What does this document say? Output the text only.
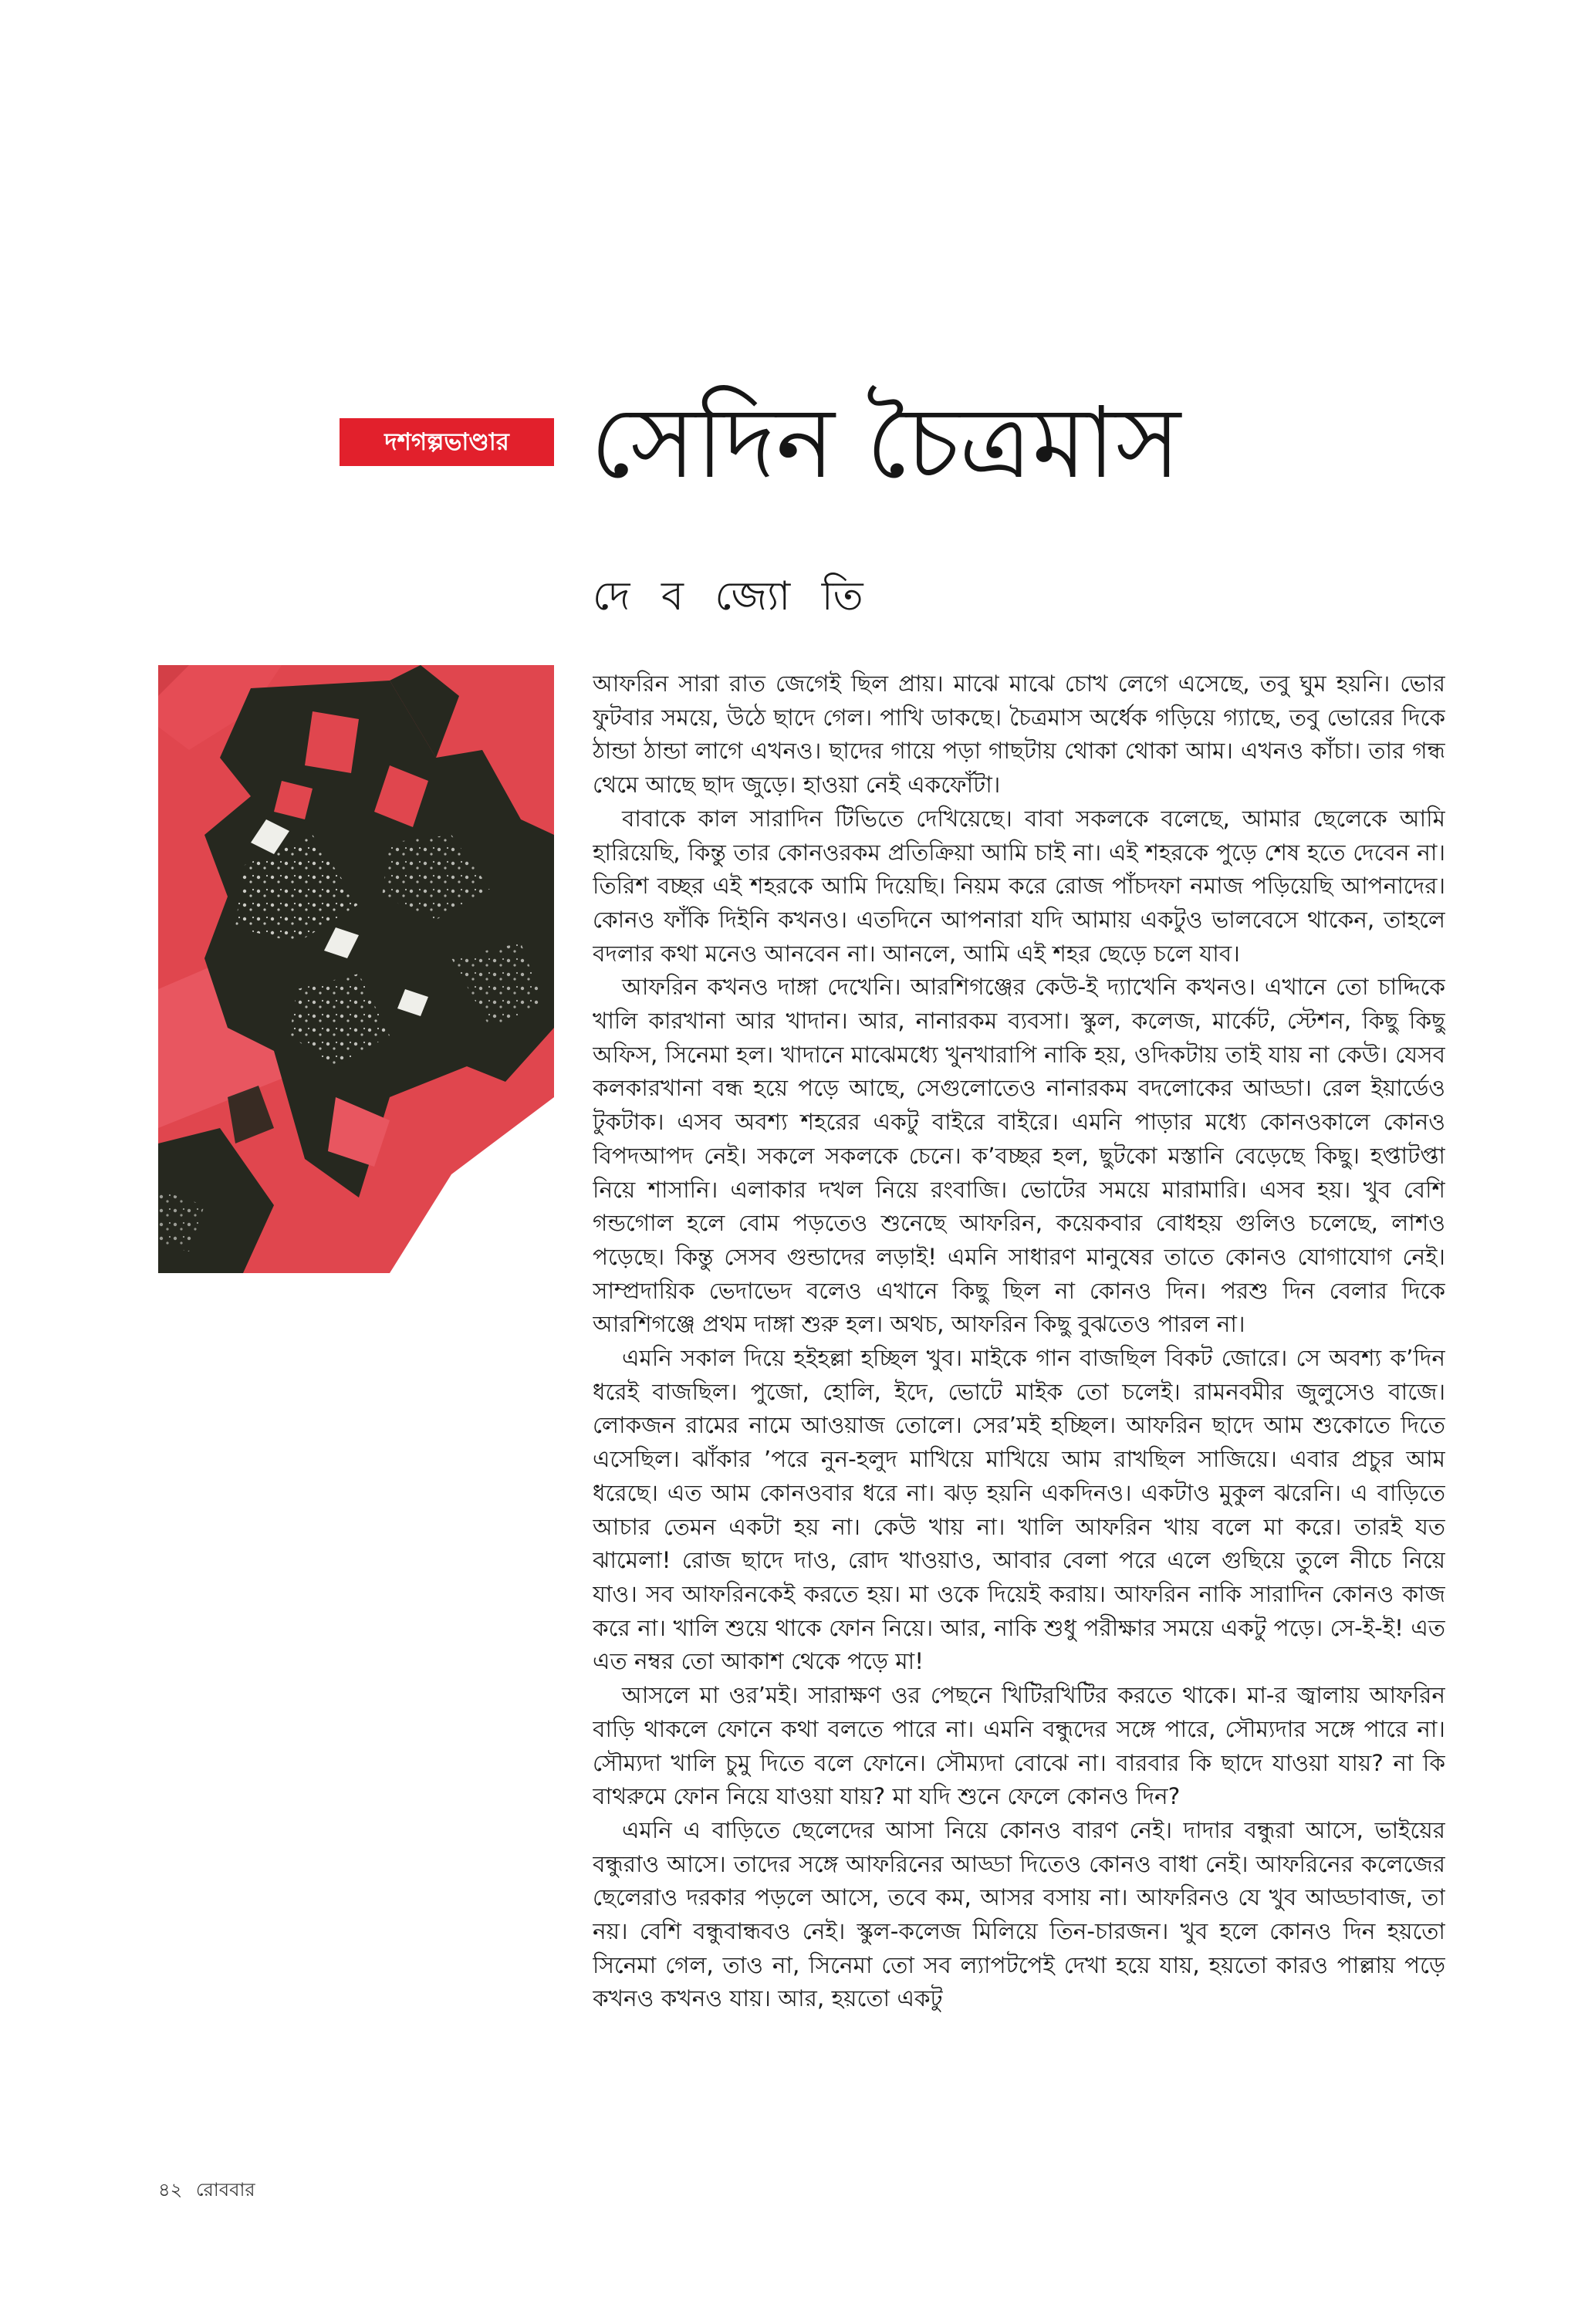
দশগল্পভাণ্ডার সেদিন চৈত্রমাস
দে ব জ্যো তি

আফরিন সারা রাত জেগেই ছিল প্রায়। মাঝে মাঝে চোখ লেগে এসেছে, তবু ঘুম হয়নি। ভোর ফুটবার সময়ে, উঠে ছাদে গেল। পাখি ডাকছে। চৈত্রমাস অর্ধেক গড়িয়ে গ্যাছে, তবু ভোরের দিকে ঠান্ডা ঠান্ডা লাগে এখনও। ছাদের গায়ে পড়া গাছটায় থোকা থোকা আম। এখনও কাঁচা। তার গন্ধ থেমে আছে ছাদ জুড়ে। হাওয়া নেই একফোঁটা।

বাবাকে কাল সারাদিন টিভিতে দেখিয়েছে। বাবা সকলকে বলেছে, আমার ছেলেকে আমি হারিয়েছি, কিন্তু তার কোনওরকম প্রতিক্রিয়া আমি চাই না। এই শহরকে পুড়ে শেষ হতে দেবেন না। তিরিশ বচ্ছর এই শহরকে আমি দিয়েছি। নিয়ম করে রোজ পাঁচদফা নমাজ পড়িয়েছি আপনাদের। কোনও ফাঁকি দিইনি কখনও। এতদিনে আপনারা যদি আমায় একটুও ভালবেসে থাকেন, তাহলে বদলার কথা মনেও আনবেন না। আনলে, আমি এই শহর ছেড়ে চলে যাব।

আফরিন কখনও দাঙ্গা দেখেনি। আরশিগঞ্জের কেউ-ই দ্যাখেনি কখনও। এখানে তো চাদ্দিকে খালি কারখানা আর খাদান। আর, নানারকম ব্যবসা। স্কুল, কলেজ, মার্কেট, স্টেশন, কিছু কিছু অফিস, সিনেমা হল। খাদানে মাঝেমধ্যে খুনখারাপি নাকি হয়, ওদিকটায় তাই যায় না কেউ। যেসব কলকারখানা বন্ধ হয়ে পড়ে আছে, সেগুলোতেও নানারকম বদলোকের আড্ডা। রেল ইয়ার্ডেও টুকটাক। এসব অবশ্য শহরের একটু বাইরে বাইরে। এমনি পাড়ার মধ্যে কোনওকালে কোনও বিপদআপদ নেই। সকলে সকলকে চেনে। ক’বচ্ছর হল, ছুটকো মস্তানি বেড়েছে কিছু। হপ্তাটপ্তা নিয়ে শাসানি। এলাকার দখল নিয়ে রংবাজি। ভোটের সময়ে মারামারি। এসব হয়। খুব বেশি গন্ডগোল হলে বোম পড়তেও শুনেছে আফরিন, কয়েকবার বোধহয় গুলিও চলেছে, লাশও পড়েছে। কিন্তু সেসব গুন্ডাদের লড়াই! এমনি সাধারণ মানুষের তাতে কোনও যোগাযোগ নেই। সাম্প্রদায়িক ভেদাভেদ বলেও এখানে কিছু ছিল না কোনও দিন। পরশু দিন বেলার দিকে আরশিগঞ্জে প্রথম দাঙ্গা শুরু হল। অথচ, আফরিন কিছু বুঝতেও পারল না।

এমনি সকাল দিয়ে হইহল্লা হচ্ছিল খুব। মাইকে গান বাজছিল বিকট জোরে। সে অবশ্য ক’দিন ধরেই বাজছিল। পুজো, হোলি, ইদে, ভোটে মাইক তো চলেই। রামনবমীর জুলুসেও বাজে। লোকজন রামের নামে আওয়াজ তোলে। সের’মই হচ্ছিল। আফরিন ছাদে আম শুকোতে দিতে এসেছিল। ঝাঁকার ’পরে নুন-হলুদ মাখিয়ে মাখিয়ে আম রাখছিল সাজিয়ে। এবার প্রচুর আম ধরেছে। এত আম কোনওবার ধরে না। ঝড় হয়নি একদিনও। একটাও মুকুল ঝরেনি। এ বাড়িতে আচার তেমন একটা হয় না। কেউ খায় না। খালি আফরিন খায় বলে মা করে। তারই যত ঝামেলা! রোজ ছাদে দাও, রোদ খাওয়াও, আবার বেলা পরে এলে গুছিয়ে তুলে নীচে নিয়ে যাও। সব আফরিনকেই করতে হয়। মা ওকে দিয়েই করায়। আফরিন নাকি সারাদিন কোনও কাজ করে না। খালি শুয়ে থাকে ফোন নিয়ে। আর, নাকি শুধু পরীক্ষার সময়ে একটু পড়ে। সে-ই-ই! এত এত নম্বর তো আকাশ থেকে পড়ে মা!

আসলে মা ওর’মই। সারাক্ষণ ওর পেছনে খিটিরখিটির করতে থাকে। মা-র জ্বালায় আফরিন বাড়ি থাকলে ফোনে কথা বলতে পারে না। এমনি বন্ধুদের সঙ্গে পারে, সৌম্যদার সঙ্গে পারে না। সৌম্যদা খালি চুমু দিতে বলে ফোনে। সৌম্যদা বোঝে না। বারবার কি ছাদে যাওয়া যায়? না কি বাথরুমে ফোন নিয়ে যাওয়া যায়? মা যদি শুনে ফেলে কোনও দিন?

এমনি এ বাড়িতে ছেলেদের আসা নিয়ে কোনও বারণ নেই। দাদার বন্ধুরা আসে, ভাইয়ের বন্ধুরাও আসে। তাদের সঙ্গে আফরিনের আড্ডা দিতেও কোনও বাধা নেই। আফরিনের কলেজের ছেলেরাও দরকার পড়লে আসে, তবে কম, আসর বসায় না। আফরিনও যে খুব আড্ডাবাজ, তা নয়। বেশি বন্ধুবান্ধবও নেই। স্কুল-কলেজ মিলিয়ে তিন-চারজন। খুব হলে কোনও দিন হয়তো সিনেমা গেল, তাও না, সিনেমা তো সব ল্যাপটপেই দেখা হয়ে যায়, হয়তো কারও পাল্লায় পড়ে কখনও কখনও যায়। আর, হয়তো একটু

৪২ রোববার
